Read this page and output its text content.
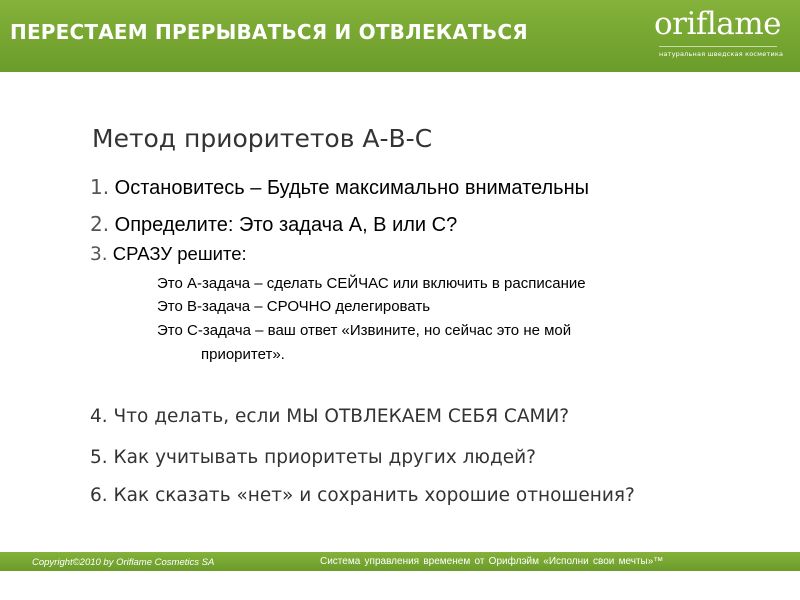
ПЕРЕСТАЕМ ПРЕРЫВАТЬСЯ И ОТВЛЕКАТЬСЯ	oriflame
натуральная шведская косметика
Метод приоритетов А-В-С
1. Остановитесь – Будьте максимально внимательны
2. Определите: Это задача А, В или С?
3. СРАЗУ решите:
Это А-задача – сделать СЕЙЧАС или включить в расписание
Это В-задача – СРОЧНО делегировать
Это С-задача – ваш ответ «Извините, но сейчас это не мой
приоритет».
4. Что делать, если МЫ ОТВЛЕКАЕМ СЕБЯ САМИ?
5. Как учитывать приоритеты других людей?
6. Как сказать «нет» и сохранить хорошие отношения?
Copyright©2010 by Oriflame Cosmetics SA	Система управления временем от Орифлэйм «Исполни свои мечты»™
